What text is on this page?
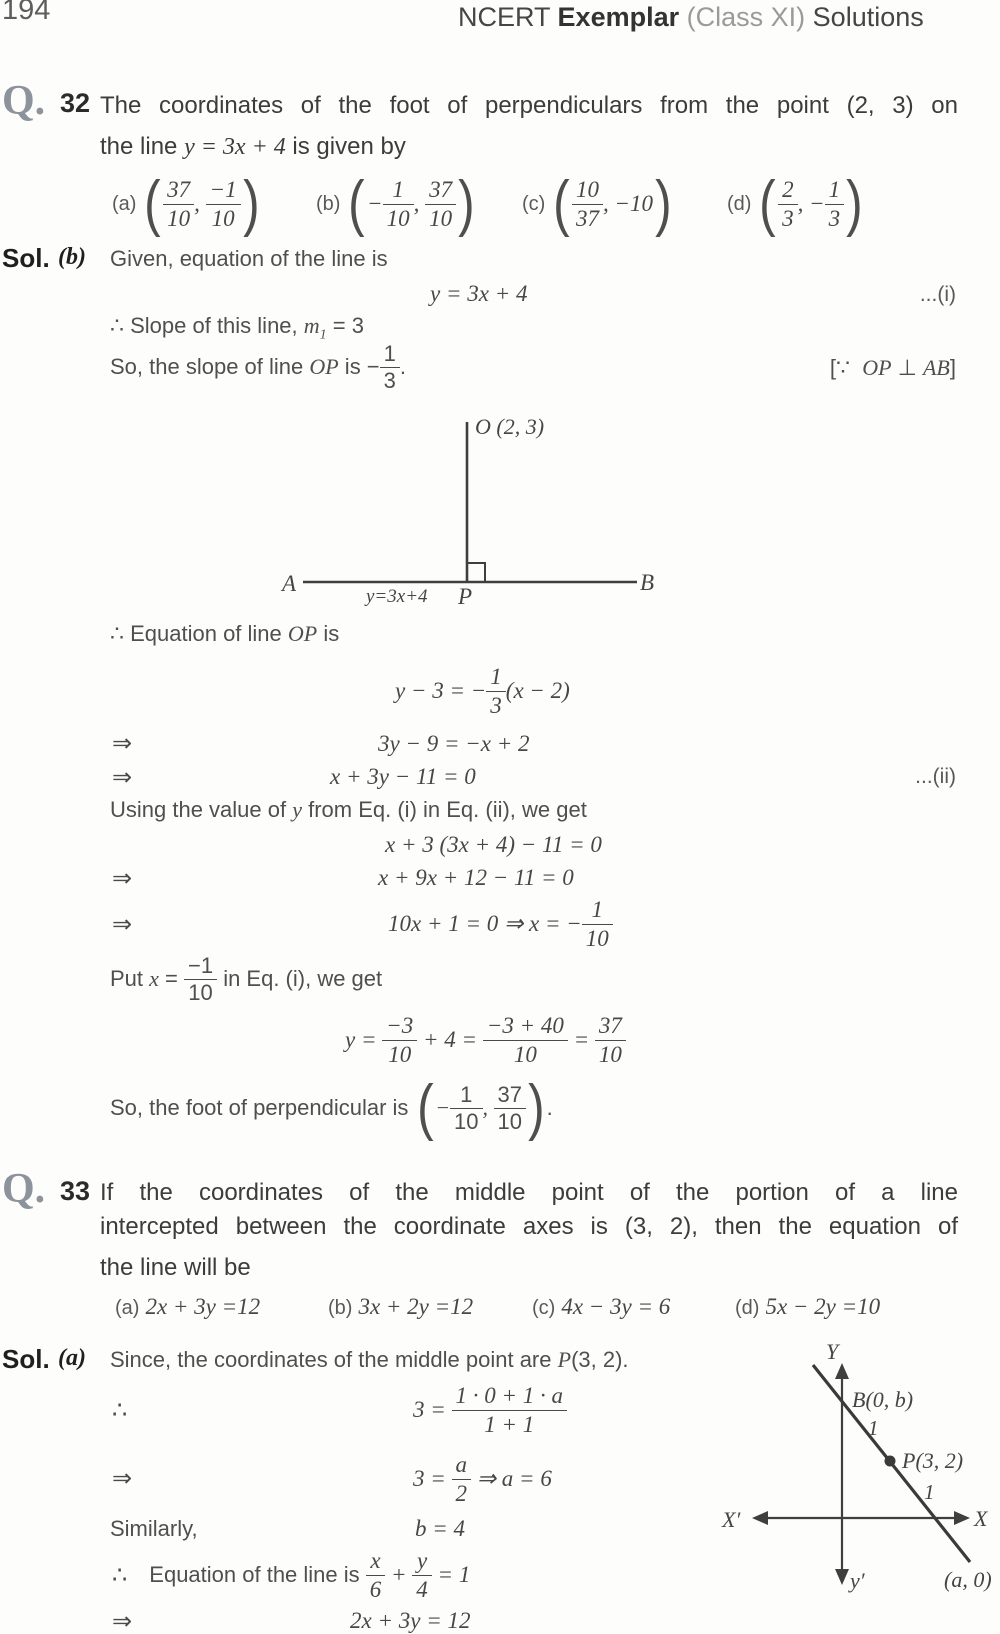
194	NCERT Exemplar (Class XI) Solutions
Q. 32 The coordinates of the foot of perpendiculars from the point (2, 3) on
the line y = 3x + 4 is given by
(a) ( $\frac{37}{10}$ , $\frac{-1}{10}$ )	(b) ( − $\frac{1}{10}$ , $\frac{37}{10}$ ) (c) ( $\frac{10}{37}$ , −10 )	(d) ( $\frac{2}{3}$ , − $\frac{1}{3}$ )
Sol. (b) Given, equation of the line is
y = 3x + 4	...(i)
∴ Slope of this line, $m_1 = 3$
So, the slope of line OP is − $\frac{1}{3}$ .	[∵  OP ⊥ AB]
O (2, 3)
A	B
y=3x+4 P
∴ Equation of line OP is
y − 3 = − $\frac{1}{3} (x - 2)$
⇒	3y − 9 = −x + 2
⇒	x + 3y − 11 = 0	...(ii)
Using the value of y from Eq. (i) in Eq. (ii), we get
x + 3 (3x + 4) − 11 = 0
⇒	x + 9x + 12 − 11 = 0
⇒	10x + 1 = 0 ⇒ x = − $\frac{1}{10}$
Put $x = \frac{-1}{10}$ in Eq. (i), we get
$y = \frac{-3}{10} + 4 = \frac{-3 + 40}{10} = \frac{37}{10}$
So, the foot of perpendicular is ( − $\frac{1}{10}$ , $\frac{37}{10}$ ) .
Q. 33 If the coordinates of the middle point of the portion of a line
intercepted between the coordinate axes is (3, 2), then the equation of
the line will be
(a) 2x + 3y =12	(b) 3x + 2y =12	(c) 4x − 3y = 6	(d) 5x − 2y =10
Sol. (a) Since, the coordinates of the middle point are P(3, 2).
∴	$3 = \frac{1 \cdot 0 + 1 \cdot a}{1 + 1}$
⇒	$3 = \frac{a}{2}$ ⇒ a = 6
Similarly,	b = 4
∴ Equation of the line is $\frac{x}{6} + \frac{y}{4} = 1$
⇒	2x + 3y = 12
Y
y′
X′	X
B(0, b)
1
P(3, 2)
1
(a, 0)
